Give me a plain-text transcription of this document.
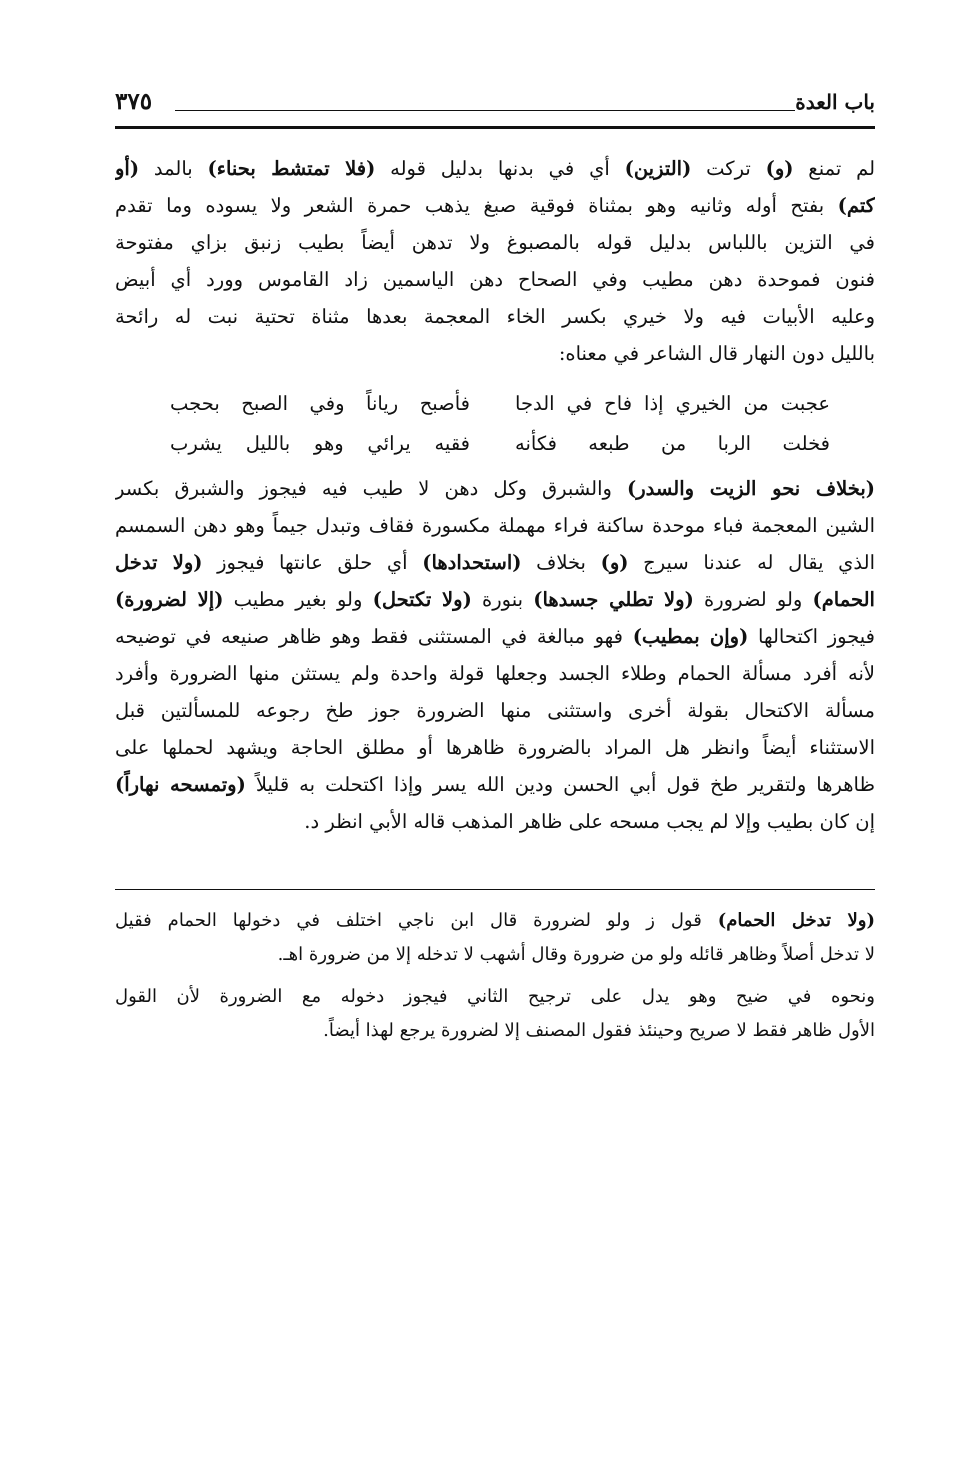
باب العدة
٣٧٥
لم تمنع (و) تركت (التزين) أي في بدنها بدليل قوله (فلا تمتشط بحناء) بالمد (أو
كتم) بفتح أوله وثانيه وهو بمثناة فوقية صبغ يذهب حمرة الشعر ولا يسوده وما تقدم
في التزين باللباس بدليل قوله بالمصبوغ ولا تدهن أيضاً بطيب زنبق بزاي مفتوحة
فنون فموحدة دهن مطيب وفي الصحاح دهن الياسمين زاد القاموس وورد أي أبيض
وعليه الأبيات فيه ولا خيري بكسر الخاء المعجمة بعدها مثناة تحتية نبت له رائحة
بالليل دون النهار قال الشاعر في معناه:
عجبت من الخيري إذا فاح في الدجا
فأصبح رياناً وفي الصبح بحجب
فخلت الربا من طبعه فكأنه
فقيه يرائي وهو بالليل يشرب
(بخلاف نحو الزيت والسدر) والشبرق وكل دهن لا طيب فيه فيجوز والشبرق بكسر
الشين المعجمة فباء موحدة ساكنة فراء مهملة مكسورة فقاف وتبدل جيماً وهو دهن السمسم
الذي يقال له عندنا سيرج (و) بخلاف (استحدادها) أي حلق عانتها فيجوز (ولا تدخل
الحمام) ولو لضرورة (ولا تطلي جسدها) بنورة (ولا تكتحل) ولو بغير مطيب (إلا لضرورة)
فيجوز اكتحالها (وإن بمطيب) فهو مبالغة في المستثنى فقط وهو ظاهر صنيعه في توضيحه
لأنه أفرد مسألة الحمام وطلاء الجسد وجعلها قولة واحدة ولم يستثن منها الضرورة وأفرد
مسألة الاكتحال بقولة أخرى واستثنى منها الضرورة جوز طخ رجوعه للمسألتين قبل
الاستثناء أيضاً وانظر هل المراد بالضرورة ظاهرها أو مطلق الحاجة ويشهد لحملها على
ظاهرها ولتقرير طخ قول أبي الحسن ودين الله يسر وإذا اكتحلت به قليلاً (وتمسحه نهاراً)
إن كان بطيب وإلا لم يجب مسحه على ظاهر المذهب قاله الأبي انظر د.
(ولا تدخل الحمام) قول ز ولو لضرورة قال ابن ناجي اختلف في دخولها الحمام فقيل
لا تدخل أصلاً وظاهر قائله ولو من ضرورة وقال أشهب لا تدخله إلا من ضرورة اهـ.
ونحوه في ضيح وهو يدل على ترجيح الثاني فيجوز دخوله مع الضرورة لأن القول
الأول ظاهر فقط لا صريح وحينئذ فقول المصنف إلا لضرورة يرجع لهذا أيضاً.
